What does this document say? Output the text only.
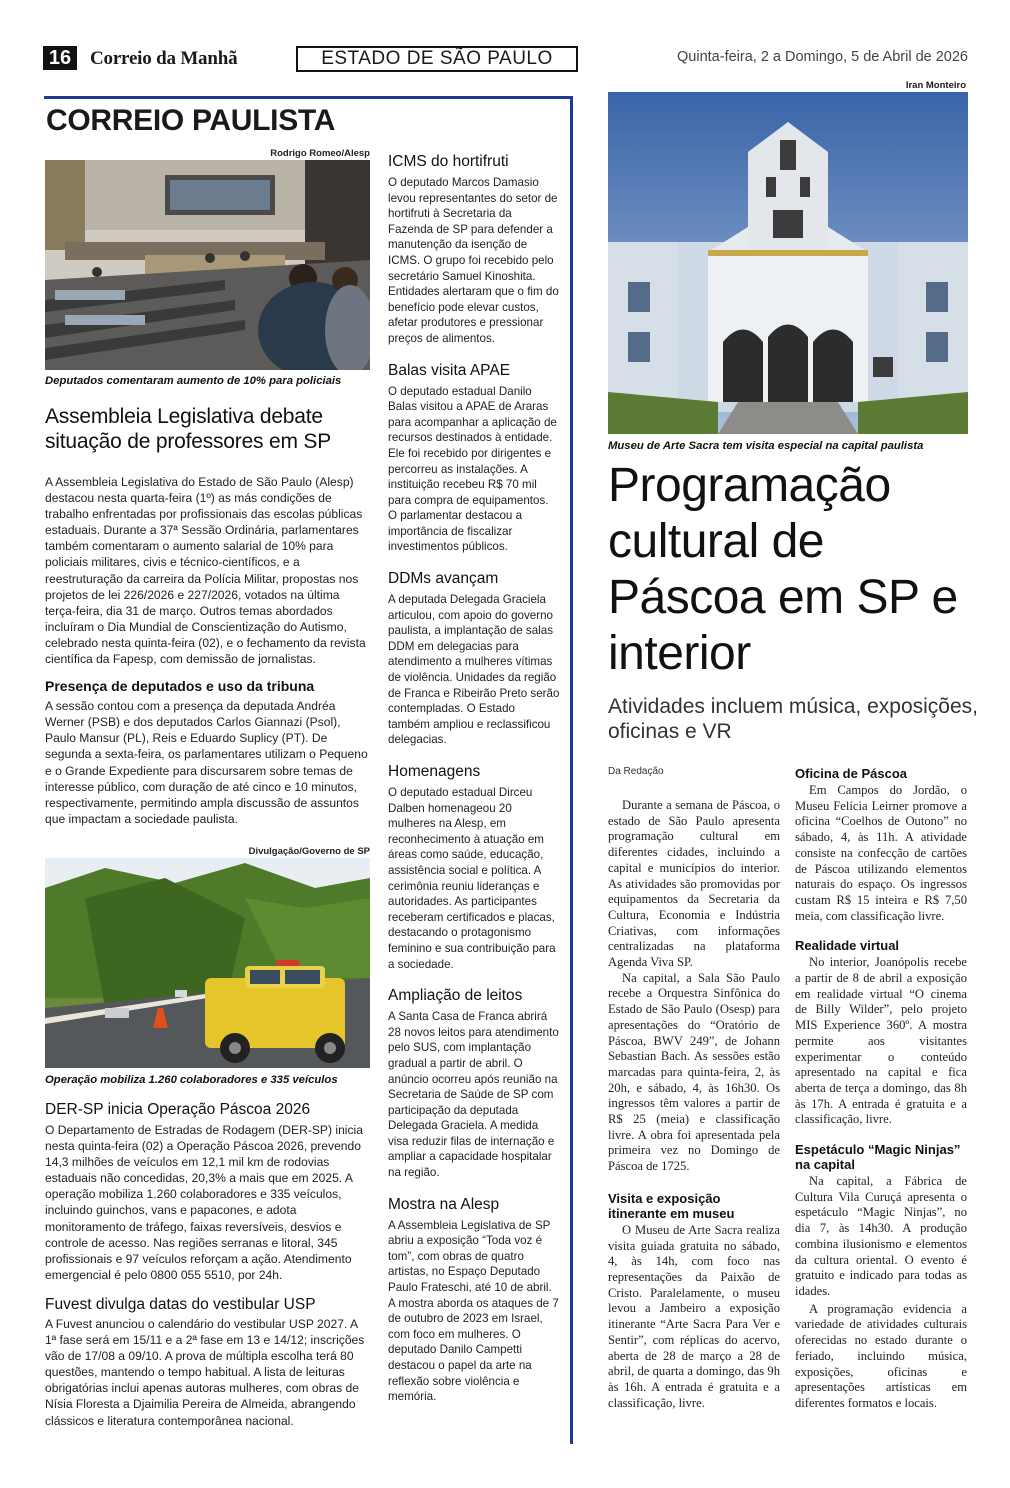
16 Correio da Manhã	ESTADO DE SÃO PAULO	Quinta-feira, 2 a Domingo, 5 de Abril de 2026
CORREIO PAULISTA
Rodrigo Romeo/Alesp
Deputados comentaram aumento de 10% para policiais
Assembleia Legislativa debate situação de professores em SP

A Assembleia Legislativa do Estado de São Paulo (Alesp) destacou nesta quarta-feira (1º) as más condições de trabalho enfrentadas por profissionais das escolas públicas estaduais. Durante a 37ª Sessão Ordinária, parlamentares também comentaram o aumento salarial de 10% para policiais militares, civis e técnico-científicos, e a reestruturação da carreira da Polícia Militar, propostas nos projetos de lei 226/2026 e 227/2026, votados na última terça-feira, dia 31 de março. Outros temas abordados incluíram o Dia Mundial de Conscientização do Autismo, celebrado nesta quinta-feira (02), e o fechamento da revista científica da Fapesp, com demissão de jornalistas.

Presença de deputados e uso da tribuna

A sessão contou com a presença da deputada Andréa Werner (PSB) e dos deputados Carlos Giannazi (Psol), Paulo Mansur (PL), Reis e Eduardo Suplicy (PT). De segunda a sexta-feira, os parlamentares utilizam o Pequeno e o Grande Expediente para discursarem sobre temas de interesse público, com duração de até cinco e 10 minutos, respectivamente, permitindo ampla discussão de assuntos que impactam a sociedade paulista.

Divulgação/Governo de SP
Operação mobiliza 1.260 colaboradores e 335 veículos
DER-SP inicia Operação Páscoa 2026

O Departamento de Estradas de Rodagem (DER-SP) inicia nesta quinta-feira (02) a Operação Páscoa 2026, prevendo 14,3 milhões de veículos em 12,1 mil km de rodovias estaduais não concedidas, 20,3% a mais que em 2025. A operação mobiliza 1.260 colaboradores e 335 veículos, incluindo guinchos, vans e papacones, e adota monitoramento de tráfego, faixas reversíveis, desvios e controle de acesso. Nas regiões serranas e litoral, 345 profissionais e 97 veículos reforçam a ação. Atendimento emergencial é pelo 0800 055 5510, por 24h.

Fuvest divulga datas do vestibular USP

A Fuvest anunciou o calendário do vestibular USP 2027. A 1ª fase será em 15/11 e a 2ª fase em 13 e 14/12; inscrições vão de 17/08 a 09/10. A prova de múltipla escolha terá 80 questões, mantendo o tempo habitual. A lista de leituras obrigatórias inclui apenas autoras mulheres, com obras de Nísia Floresta a Djaimilia Pereira de Almeida, abrangendo clássicos e literatura contemporânea nacional.

ICMS do hortifruti

O deputado Marcos Damasio levou representantes do setor de hortifruti à Secretaria da Fazenda de SP para defender a manutenção da isenção de ICMS. O grupo foi recebido pelo secretário Samuel Kinoshita. Entidades alertaram que o fim do benefício pode elevar custos, afetar produtores e pressionar preços de alimentos.

Balas visita APAE

O deputado estadual Danilo Balas visitou a APAE de Araras para acompanhar a aplicação de recursos destinados à entidade. Ele foi recebido por dirigentes e percorreu as instalações. A instituição recebeu R$ 70 mil para compra de equipamentos. O parlamentar destacou a importância de fiscalizar investimentos públicos.

DDMs avançam

A deputada Delegada Graciela articulou, com apoio do governo paulista, a implantação de salas DDM em delegacias para atendimento a mulheres vítimas de violência. Unidades da região de Franca e Ribeirão Preto serão contempladas. O Estado também ampliou e reclassificou delegacias.

Homenagens

O deputado estadual Dirceu Dalben homenageou 20 mulheres na Alesp, em reconhecimento à atuação em áreas como saúde, educação, assistência social e política. A cerimônia reuniu lideranças e autoridades. As participantes receberam certificados e placas, destacando o protagonismo feminino e sua contribuição para a sociedade.

Ampliação de leitos

A Santa Casa de Franca abrirá 28 novos leitos para atendimento pelo SUS, com implantação gradual a partir de abril. O anúncio ocorreu após reunião na Secretaria de Saúde de SP com participação da deputada Delegada Graciela. A medida visa reduzir filas de internação e ampliar a capacidade hospitalar na região.

Mostra na Alesp

A Assembleia Legislativa de SP abriu a exposição “Toda voz é tom”, com obras de quatro artistas, no Espaço Deputado Paulo Frateschi, até 10 de abril. A mostra aborda os ataques de 7 de outubro de 2023 em Israel, com foco em mulheres. O deputado Danilo Campetti destacou o papel da arte na reflexão sobre violência e memória.

Iran Monteiro
Museu de Arte Sacra tem visita especial na capital paulista
Programação cultural de Páscoa em SP e interior
Atividades incluem música, exposições, oficinas e VR
Da Redação

Durante a semana de Páscoa, o estado de São Paulo apresenta programação cultural em diferentes cidades, incluindo a capital e municípios do interior. As atividades são promovidas por equipamentos da Secretaria da Cultura, Economia e Indústria Criativas, com informações centralizadas na plataforma Agenda Viva SP.

Na capital, a Sala São Paulo recebe a Orquestra Sinfônica do Estado de São Paulo (Osesp) para apresentações do “Oratório de Páscoa, BWV 249”, de Johann Sebastian Bach. As sessões estão marcadas para quinta-feira, 2, às 20h, e sábado, 4, às 16h30. Os ingressos têm valores a partir de R$ 25 (meia) e classificação livre. A obra foi apresentada pela primeira vez no Domingo de Páscoa de 1725.

Visita e exposição itinerante em museu

O Museu de Arte Sacra realiza visita guiada gratuita no sábado, 4, às 14h, com foco nas representações da Paixão de Cristo. Paralelamente, o museu levou a Jambeiro a exposição itinerante “Arte Sacra Para Ver e Sentir”, com réplicas do acervo, aberta de 28 de março a 28 de abril, de quarta a domingo, das 9h às 16h. A entrada é gratuita e a classificação, livre.

Oficina de Páscoa

Em Campos do Jordão, o Museu Felícia Leirner promove a oficina “Coelhos de Outono” no sábado, 4, às 11h. A atividade consiste na confecção de cartões de Páscoa utilizando elementos naturais do espaço. Os ingressos custam R$ 15 inteira e R$ 7,50 meia, com classificação livre.

Realidade virtual

No interior, Joanópolis recebe a partir de 8 de abril a exposição em realidade virtual “O cinema de Billy Wilder”, pelo projeto MIS Experience 360º. A mostra permite aos visitantes experimentar o conteúdo apresentado na capital e fica aberta de terça a domingo, das 8h às 17h. A entrada é gratuita e a classificação, livre.

Espetáculo “Magic Ninjas” na capital

Na capital, a Fábrica de Cultura Vila Curuçá apresenta o espetáculo “Magic Ninjas”, no dia 7, às 14h30. A produção combina ilusionismo e elementos da cultura oriental. O evento é gratuito e indicado para todas as idades.

A programação evidencia a variedade de atividades culturais oferecidas no estado durante o feriado, incluindo música, exposições, oficinas e apresentações artísticas em diferentes formatos e locais.
